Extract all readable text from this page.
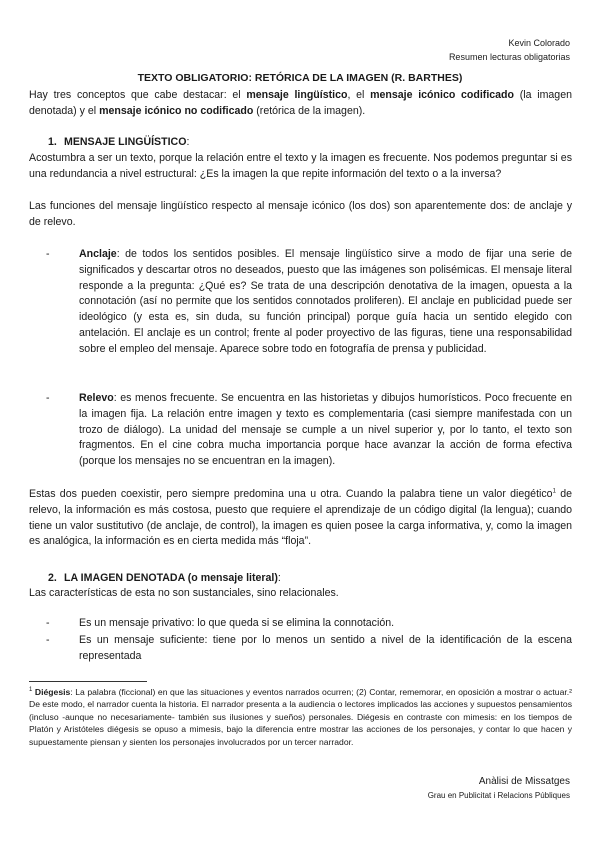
Kevin Colorado
Resumen lecturas obligatorias
TEXTO OBLIGATORIO: RETÓRICA DE LA IMAGEN (R. BARTHES)
Hay tres conceptos que cabe destacar: el mensaje lingüístico, el mensaje icónico codificado (la imagen denotada) y el mensaje icónico no codificado (retórica de la imagen).
1. MENSAJE LINGÜÍSTICO:
Acostumbra a ser un texto, porque la relación entre el texto y la imagen es frecuente. Nos podemos preguntar si es una redundancia a nivel estructural: ¿Es la imagen la que repite información del texto o a la inversa?
Las funciones del mensaje lingüístico respecto al mensaje icónico (los dos) son aparentemente dos: de anclaje y de relevo.
-	Anclaje: de todos los sentidos posibles. El mensaje lingüístico sirve a modo de fijar una serie de significados y descartar otros no deseados, puesto que las imágenes son polisémicas. El mensaje literal responde a la pregunta: ¿Qué es? Se trata de una descripción denotativa de la imagen, opuesta a la connotación (así no permite que los sentidos connotados proliferen). El anclaje en publicidad puede ser ideológico (y esta es, sin duda, su función principal) porque guía hacia un sentido elegido con antelación. El anclaje es un control; frente al poder proyectivo de las figuras, tiene una responsabilidad sobre el empleo del mensaje. Aparece sobre todo en fotografía de prensa y publicidad.
-	Relevo: es menos frecuente. Se encuentra en las historietas y dibujos humorísticos. Poco frecuente en la imagen fija. La relación entre imagen y texto es complementaria (casi siempre manifestada con un trozo de diálogo). La unidad del mensaje se cumple a un nivel superior y, por lo tanto, el texto son fragmentos. En el cine cobra mucha importancia porque hace avanzar la acción de forma efectiva (porque los mensajes no se encuentran en la imagen).
Estas dos pueden coexistir, pero siempre predomina una u otra. Cuando la palabra tiene un valor diegético$^1$ de relevo, la información es más costosa, puesto que requiere el aprendizaje de un código digital (la lengua); cuando tiene un valor sustitutivo (de anclaje, de control), la imagen es quien posee la carga informativa, y, como la imagen es analógica, la información es en cierta medida más “floja”.
2. LA IMAGEN DENOTADA (o mensaje literal):
Las características de esta no son sustanciales, sino relacionales.
-	Es un mensaje privativo: lo que queda si se elimina la connotación.
-	Es un mensaje suficiente: tiene por lo menos un sentido a nivel de la identificación de la escena representada
$^1$ Diégesis: La palabra (ficcional) en que las situaciones y eventos narrados ocurren; (2) Contar, rememorar, en oposición a mostrar o actuar.² De este modo, el narrador cuenta la historia. El narrador presenta a la audiencia o lectores implicados las acciones y supuestos pensamientos (incluso -aunque no necesariamente- también sus ilusiones y sueños) personales. Diégesis en contraste con mimesis: en los tiempos de Platón y Aristóteles diégesis se opuso a mimesis, bajo la diferencia entre mostrar las acciones de los personajes, y contar lo que hacen y supuestamente piensan y sienten los personajes involucrados por un tercer narrador.
Anàlisi de Missatges
Grau en Publicitat i Relacions Públiques
